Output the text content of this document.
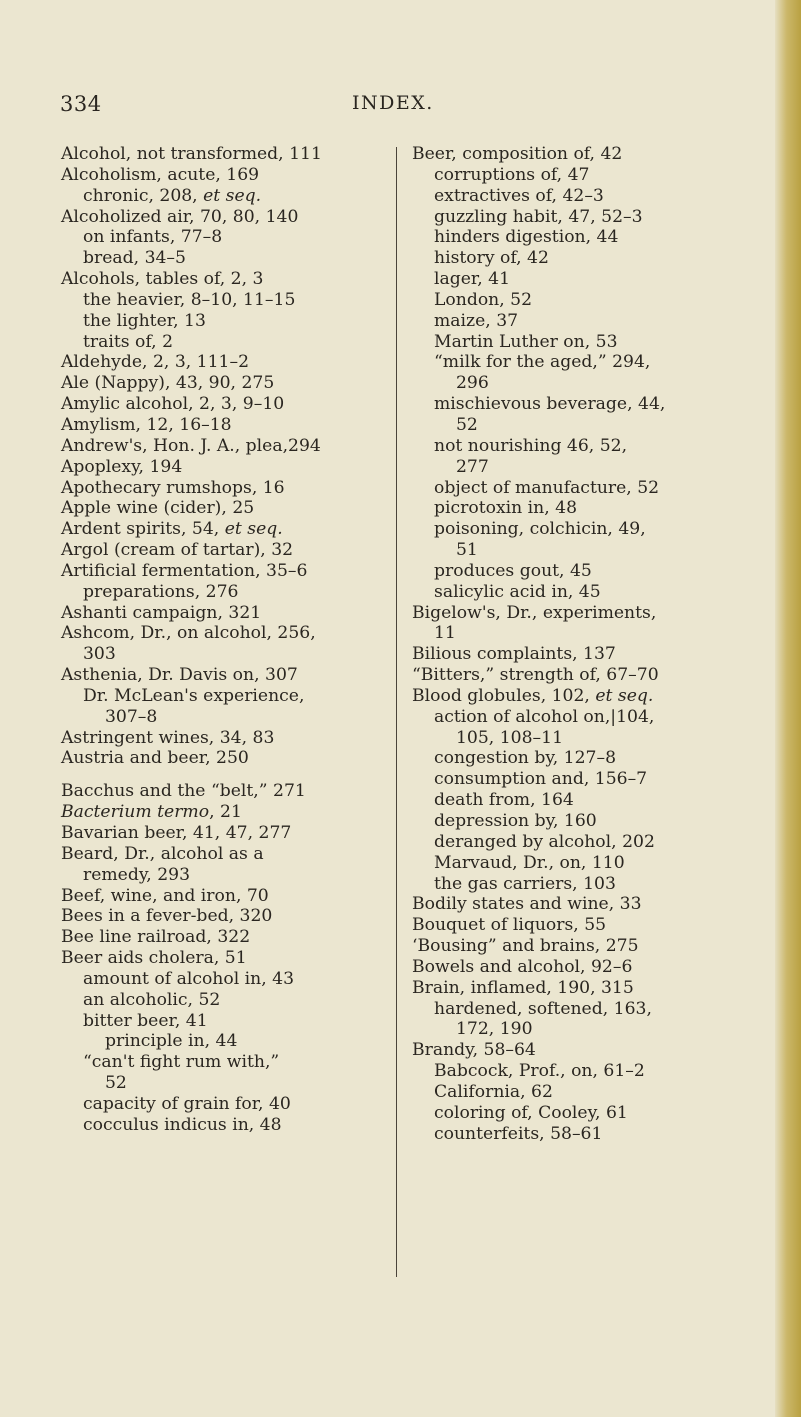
334	INDEX.
Alcohol, not transformed, 111
Alcoholism, acute, 169
chronic, 208, et seq.
Alcoholized air, 70, 80, 140
on infants, 77–8
bread, 34–5
Alcohols, tables of, 2, 3
the heavier, 8–10, 11–15
the lighter, 13
traits of, 2
Aldehyde, 2, 3, 111–2
Ale (Nappy), 43, 90, 275
Amylic alcohol, 2, 3, 9–10
Amylism, 12, 16–18
Andrew's, Hon. J. A., plea,294
Apoplexy, 194
Apothecary rumshops, 16
Apple wine (cider), 25
Ardent spirits, 54, et seq.
Argol (cream of tartar), 32
Artificial fermentation, 35–6
preparations, 276
Ashanti campaign, 321
Ashcom, Dr., on alcohol, 256,
303
Asthenia, Dr. Davis on, 307
Dr. McLean's experience,
307–8
Astringent wines, 34, 83
Austria and beer, 250
Bacchus and the “belt,” 271
Bacterium termo, 21
Bavarian beer, 41, 47, 277
Beard, Dr., alcohol as a
remedy, 293
Beef, wine, and iron, 70
Bees in a fever-bed, 320
Bee line railroad, 322
Beer aids cholera, 51
amount of alcohol in, 43
an alcoholic, 52
bitter beer, 41
principle in, 44
“can't fight rum with,”
52
capacity of grain for, 40
cocculus indicus in, 48
Beer, composition of, 42
corruptions of, 47
extractives of, 42–3
guzzling habit, 47, 52–3
hinders digestion, 44
history of, 42
lager, 41
London, 52
maize, 37
Martin Luther on, 53
“milk for the aged,” 294,
296
mischievous beverage, 44,
52
not nourishing 46, 52,
277
object of manufacture, 52
picrotoxin in, 48
poisoning, colchicin, 49,
51
produces gout, 45
salicylic acid in, 45
Bigelow's, Dr., experiments,
11
Bilious complaints, 137
“Bitters,” strength of, 67–70
Blood globules, 102, et seq.
action of alcohol on,|104,
105, 108–11
congestion by, 127–8
consumption and, 156–7
death from, 164
depression by, 160
deranged by alcohol, 202
Marvaud, Dr., on, 110
the gas carriers, 103
Bodily states and wine, 33
Bouquet of liquors, 55
‘Bousing” and brains, 275
Bowels and alcohol, 92–6
Brain, inflamed, 190, 315
hardened, softened, 163,
172, 190
Brandy, 58–64
Babcock, Prof., on, 61–2
California, 62
coloring of, Cooley, 61
counterfeits, 58–61
